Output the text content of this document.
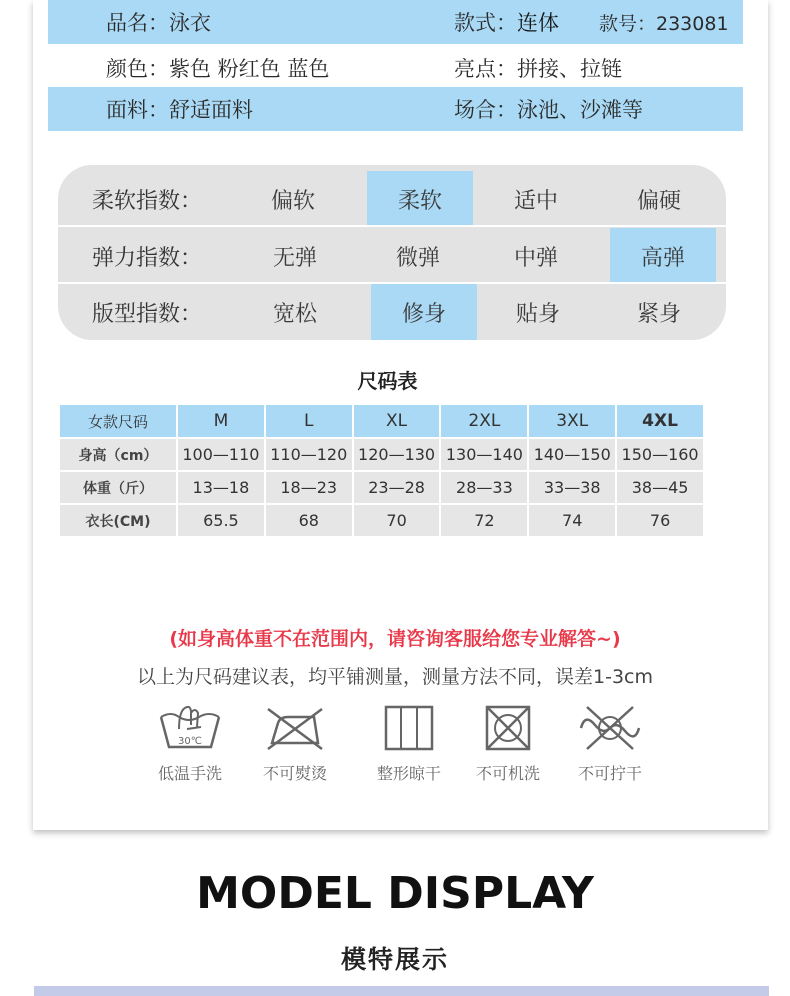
品名：泳衣	款式：连体 款号：233081
颜色：紫色 粉红色 蓝色	亮点：拼接、拉链
面料：舒适面料	场合：泳池、沙滩等
柔软指数：	偏软	柔软	适中	偏硬
弹力指数：	无弹	微弹	中弹	高弹
版型指数：	宽松	修身	贴身	紧身
尺码表
女款尺码	M	L	XL	2XL	3XL	4XL
身高（cm）	100—110	110—120	120—130	130—140	140—150	150—160
体重（斤）	13—18	18—23	23—28	28—33	33—38	38—45
衣长(CM)	65.5	68	70	72	74	76
(如身高体重不在范围内，请咨询客服给您专业解答~)
以上为尺码建议表，均平铺测量，测量方法不同，误差1-3cm
30℃
低温手洗	不可熨烫	整形晾干	不可机洗	不可拧干
MODEL DISPLAY
模特展示
